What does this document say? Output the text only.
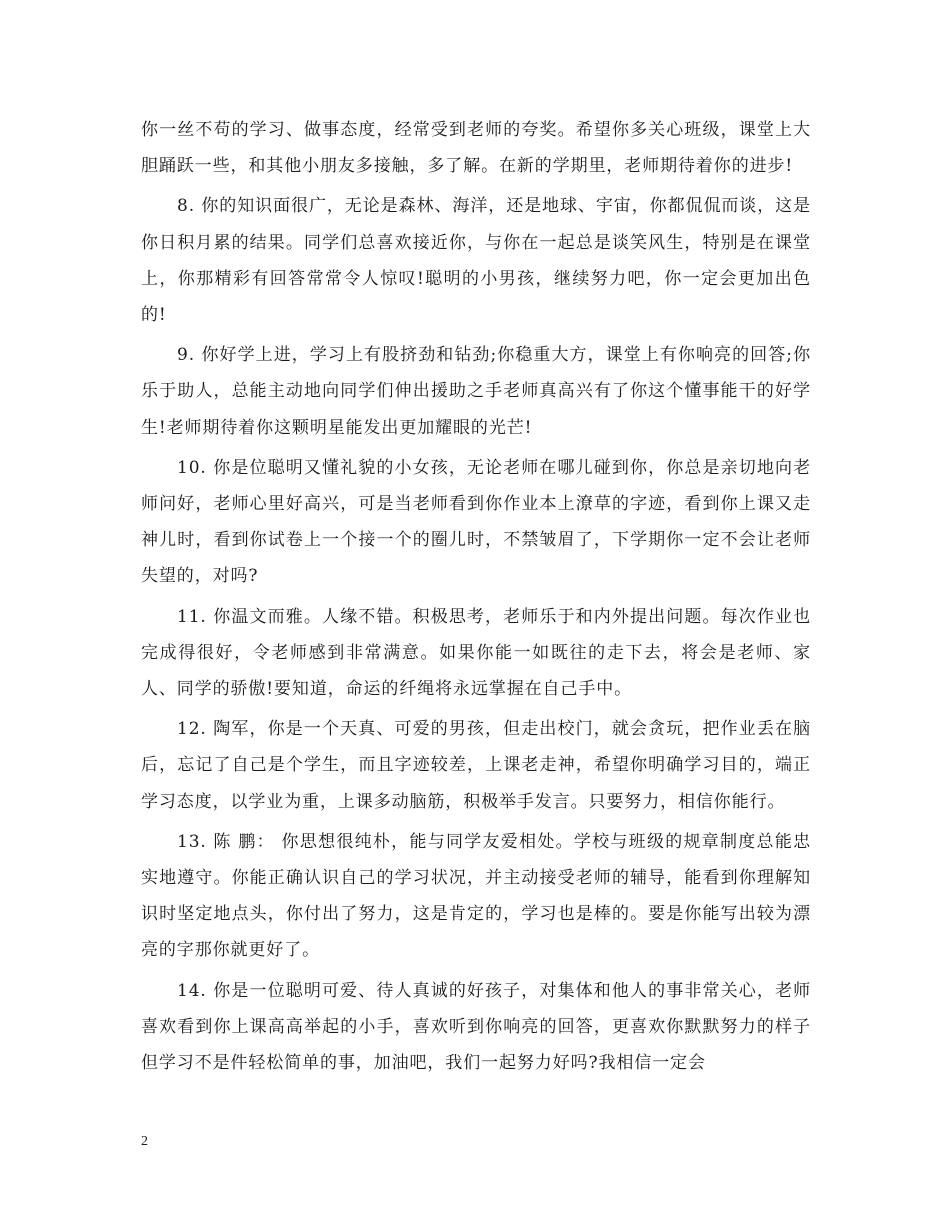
你一丝不苟的学习、做事态度，经常受到老师的夸奖。希望你多关心班级，课堂上大胆踊跃一些，和其他小朋友多接触，多了解。在新的学期里，老师期待着你的进步!

8. 你的知识面很广，无论是森林、海洋，还是地球、宇宙，你都侃侃而谈，这是你日积月累的结果。同学们总喜欢接近你，与你在一起总是谈笑风生，特别是在课堂上，你那精彩有回答常常令人惊叹!聪明的小男孩，继续努力吧，你一定会更加出色的!

9. 你好学上进，学习上有股挤劲和钻劲;你稳重大方，课堂上有你响亮的回答;你乐于助人，总能主动地向同学们伸出援助之手老师真高兴有了你这个懂事能干的好学生!老师期待着你这颗明星能发出更加耀眼的光芒!

10. 你是位聪明又懂礼貌的小女孩，无论老师在哪儿碰到你，你总是亲切地向老师问好，老师心里好高兴，可是当老师看到你作业本上潦草的字迹，看到你上课又走神儿时，看到你试卷上一个接一个的圈儿时，不禁皱眉了，下学期你一定不会让老师失望的，对吗?

11. 你温文而雅。人缘不错。积极思考，老师乐于和内外提出问题。每次作业也完成得很好，令老师感到非常满意。如果你能一如既往的走下去，将会是老师、家人、同学的骄傲!要知道，命运的纤绳将永远掌握在自己手中。

12. 陶军，你是一个天真、可爱的男孩，但走出校门，就会贪玩，把作业丢在脑后，忘记了自己是个学生，而且字迹较差，上课老走神，希望你明确学习目的，端正学习态度，以学业为重，上课多动脑筋，积极举手发言。只要努力，相信你能行。

13. 陈 鹏： 你思想很纯朴，能与同学友爱相处。学校与班级的规章制度总能忠实地遵守。你能正确认识自己的学习状况，并主动接受老师的辅导，能看到你理解知识时坚定地点头，你付出了努力，这是肯定的，学习也是棒的。要是你能写出较为漂亮的字那你就更好了。

14. 你是一位聪明可爱、待人真诚的好孩子，对集体和他人的事非常关心，老师喜欢看到你上课高高举起的小手，喜欢听到你响亮的回答，更喜欢你默默努力的样子但学习不是件轻松简单的事，加油吧，我们一起努力好吗?我相信一定会

2
